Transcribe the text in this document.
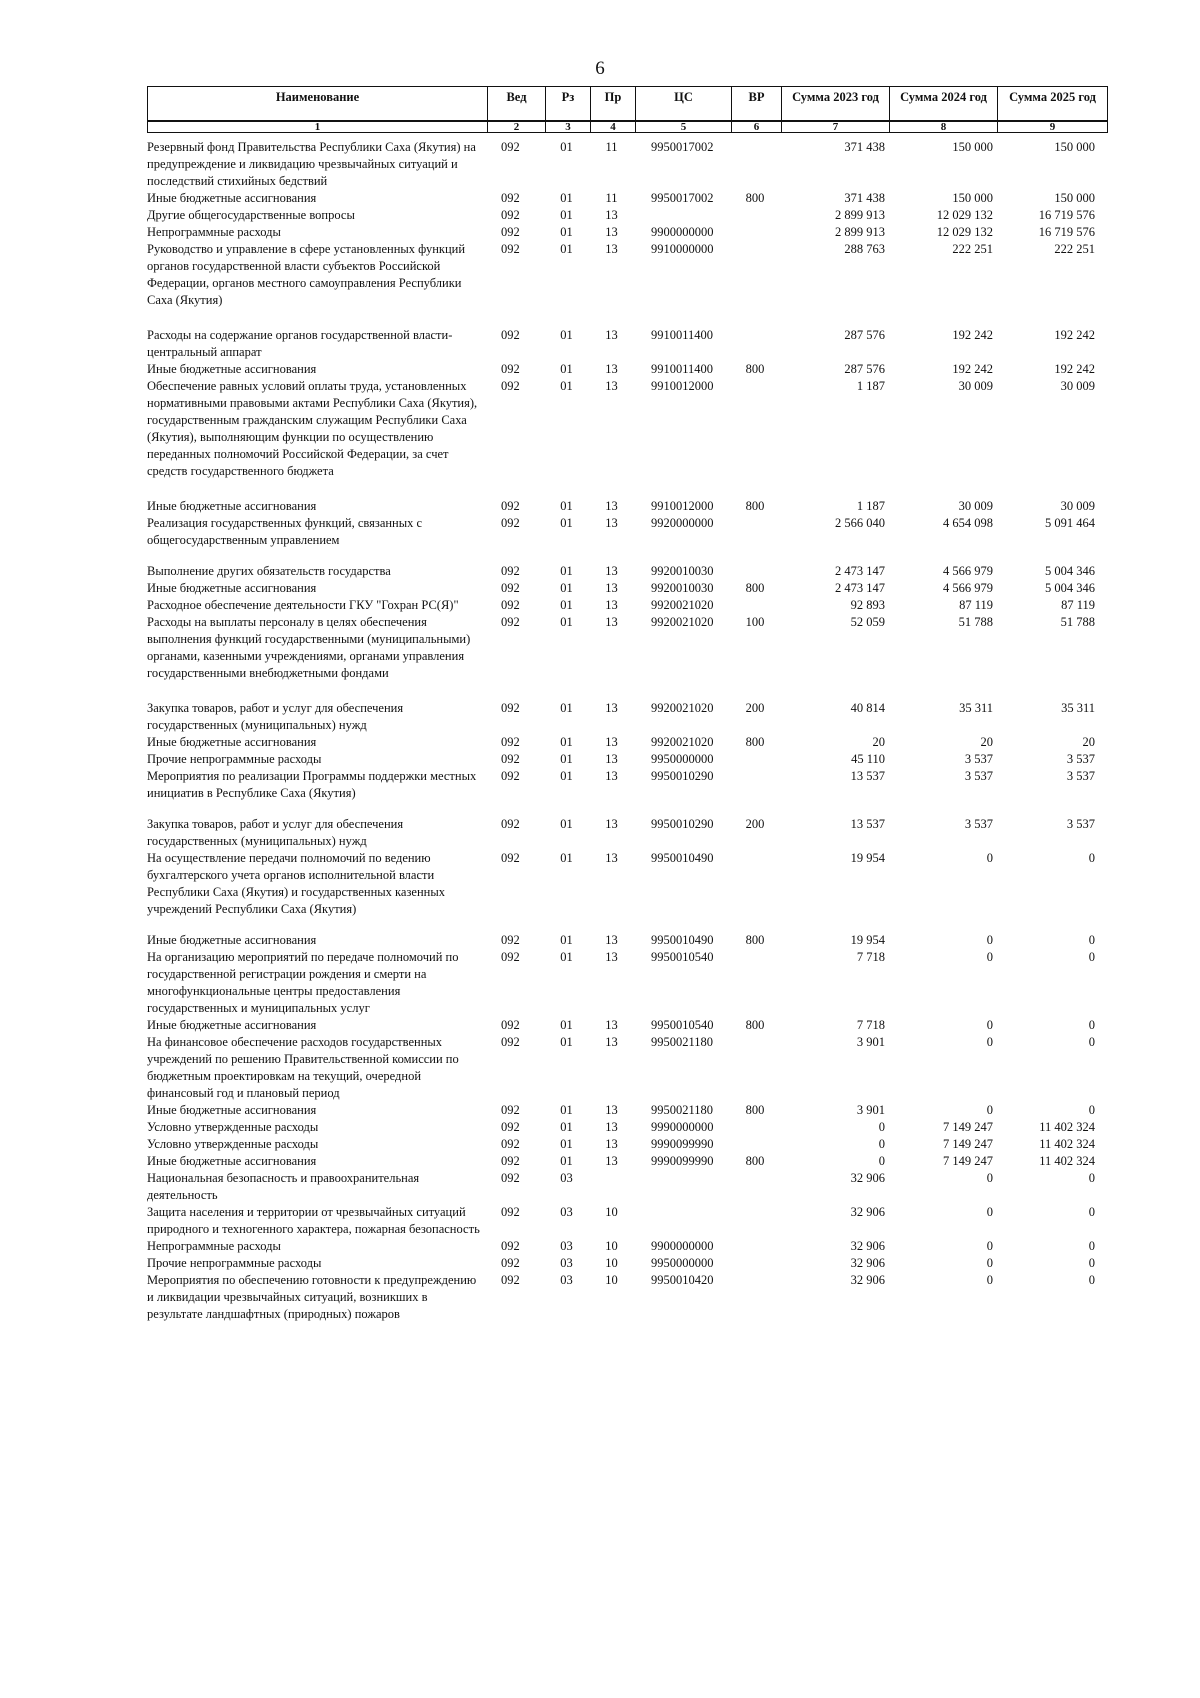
6
Наименование	Вед	Рз	Пр	ЦС	ВР	Сумма 2023 год	Сумма 2024 год	Сумма 2025 год
1	2	3	4	5	6	7	8	9
Резервный фонд Правительства Республики Саха (Якутия) на предупреждение и ликвидацию чрезвычайных ситуаций и последствий стихийных бедствий	092	01	11	9950017002		371 438	150 000	150 000
Иные бюджетные ассигнования	092	01	11	9950017002	800	371 438	150 000	150 000
Другие общегосударственные вопросы	092	01	13			2 899 913	12 029 132	16 719 576
Непрограммные расходы	092	01	13	9900000000		2 899 913	12 029 132	16 719 576
Руководство и управление в сфере установленных функций органов государственной власти субъектов Российской Федерации, органов местного самоуправления Республики Саха (Якутия)	092	01	13	9910000000		288 763	222 251	222 251
Расходы на содержание органов государственной власти- центральный аппарат	092	01	13	9910011400		287 576	192 242	192 242
Иные бюджетные ассигнования	092	01	13	9910011400	800	287 576	192 242	192 242
Обеспечение равных условий оплаты труда, установленных нормативными правовыми актами Республики Саха (Якутия), государственным гражданским служащим Республики Саха (Якутия), выполняющим функции по осуществлению переданных полномочий Российской Федерации, за счет средств государственного бюджета	092	01	13	9910012000		1 187	30 009	30 009
Иные бюджетные ассигнования	092	01	13	9910012000	800	1 187	30 009	30 009
Реализация государственных функций, связанных с общегосударственным управлением	092	01	13	9920000000		2 566 040	4 654 098	5 091 464
Выполнение других обязательств государства	092	01	13	9920010030		2 473 147	4 566 979	5 004 346
Иные бюджетные ассигнования	092	01	13	9920010030	800	2 473 147	4 566 979	5 004 346
Расходное обеспечение деятельности ГКУ "Гохран РС(Я)"	092	01	13	9920021020		92 893	87 119	87 119
Расходы на выплаты персоналу в целях обеспечения выполнения функций государственными (муниципальными) органами, казенными учреждениями, органами управления государственными внебюджетными фондами	092	01	13	9920021020	100	52 059	51 788	51 788
Закупка товаров, работ и услуг для обеспечения государственных (муниципальных) нужд	092	01	13	9920021020	200	40 814	35 311	35 311
Иные бюджетные ассигнования	092	01	13	9920021020	800	20	20	20
Прочие непрограммные расходы	092	01	13	9950000000		45 110	3 537	3 537
Мероприятия по реализации Программы поддержки местных инициатив в Республике Саха (Якутия)	092	01	13	9950010290		13 537	3 537	3 537
Закупка товаров, работ и услуг для обеспечения государственных (муниципальных) нужд	092	01	13	9950010290	200	13 537	3 537	3 537
На осуществление передачи полномочий по ведению бухгалтерского учета органов исполнительной власти Республики Саха (Якутия) и государственных казенных учреждений Республики Саха (Якутия)	092	01	13	9950010490		19 954	0	0
Иные бюджетные ассигнования	092	01	13	9950010490	800	19 954	0	0
На организацию мероприятий по передаче полномочий по государственной регистрации рождения и смерти на многофункциональные центры предоставления государственных и муниципальных услуг	092	01	13	9950010540		7 718	0	0
Иные бюджетные ассигнования	092	01	13	9950010540	800	7 718	0	0
На финансовое обеспечение расходов государственных учреждений по решению Правительственной комиссии по бюджетным проектировкам на текущий, очередной финансовый год и плановый период	092	01	13	9950021180		3 901	0	0
Иные бюджетные ассигнования	092	01	13	9950021180	800	3 901	0	0
Условно утвержденные расходы	092	01	13	9990000000		0	7 149 247	11 402 324
Условно утвержденные расходы	092	01	13	9990099990		0	7 149 247	11 402 324
Иные бюджетные ассигнования	092	01	13	9990099990	800	0	7 149 247	11 402 324
Национальная безопасность и правоохранительная деятельность	092	03				32 906	0	0
Защита населения и территории от чрезвычайных ситуаций природного и техногенного характера, пожарная безопасность	092	03	10			32 906	0	0
Непрограммные расходы	092	03	10	9900000000		32 906	0	0
Прочие непрограммные расходы	092	03	10	9950000000		32 906	0	0
Мероприятия по обеспечению готовности к предупреждению и ликвидации чрезвычайных ситуаций, возникших в результате ландшафтных (природных) пожаров	092	03	10	9950010420		32 906	0	0
